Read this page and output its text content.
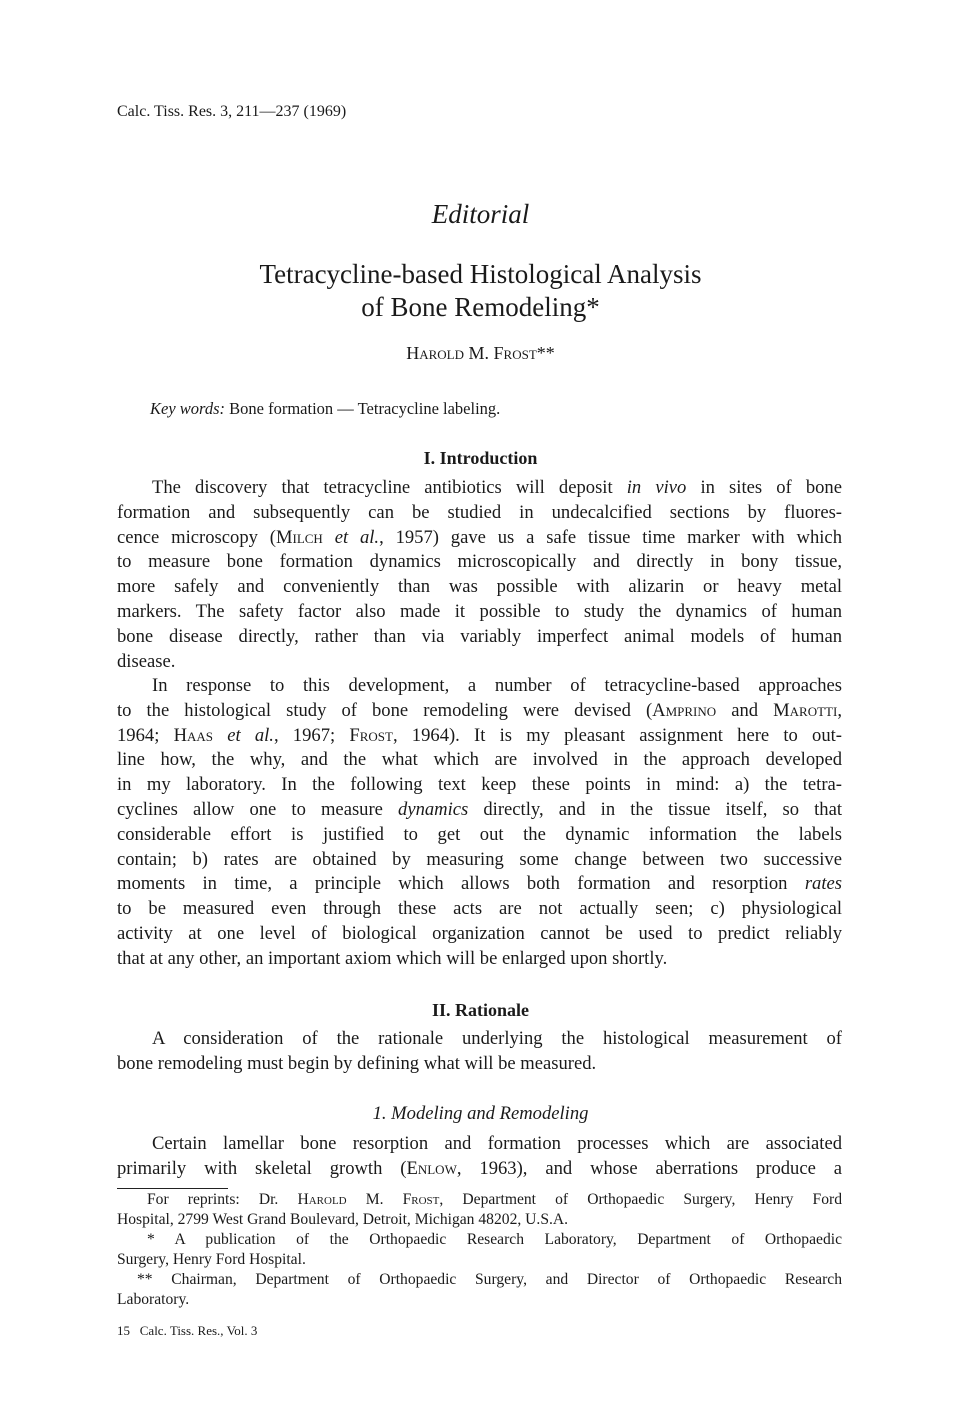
Calc. Tiss. Res. 3, 211—237 (1969)
Editorial
Tetracycline-based Histological Analysis
of Bone Remodeling*
Harold M. Frost**
Key words: Bone formation — Tetracycline labeling.
I. Introduction
The discovery that tetracycline antibiotics will deposit in vivo in sites of bone
formation and subsequently can be studied in undecalcified sections by fluores-
cence microscopy (Milch et al., 1957) gave us a safe tissue time marker with which
to measure bone formation dynamics microscopically and directly in bony tissue,
more safely and conveniently than was possible with alizarin or heavy metal
markers. The safety factor also made it possible to study the dynamics of human
bone disease directly, rather than via variably imperfect animal models of human
disease.
In response to this development, a number of tetracycline-based approaches
to the histological study of bone remodeling were devised (Amprino and Marotti,
1964; Haas et al., 1967; Frost, 1964). It is my pleasant assignment here to out-
line how, the why, and the what which are involved in the approach developed
in my laboratory. In the following text keep these points in mind: a) the tetra-
cyclines allow one to measure dynamics directly, and in the tissue itself, so that
considerable effort is justified to get out the dynamic information the labels
contain; b) rates are obtained by measuring some change between two successive
moments in time, a principle which allows both formation and resorption rates
to be measured even through these acts are not actually seen; c) physiological
activity at one level of biological organization cannot be used to predict reliably
that at any other, an important axiom which will be enlarged upon shortly.
II. Rationale
A consideration of the rationale underlying the histological measurement of
bone remodeling must begin by defining what will be measured.
1. Modeling and Remodeling
Certain lamellar bone resorption and formation processes which are associated
primarily with skeletal growth (Enlow, 1963), and whose aberrations produce a
For reprints: Dr. Harold M. Frost, Department of Orthopaedic Surgery, Henry Ford
Hospital, 2799 West Grand Boulevard, Detroit, Michigan 48202, U.S.A.
* A publication of the Orthopaedic Research Laboratory, Department of Orthopaedic
Surgery, Henry Ford Hospital.
** Chairman, Department of Orthopaedic Surgery, and Director of Orthopaedic Research
Laboratory.
15 Calc. Tiss. Res., Vol. 3
